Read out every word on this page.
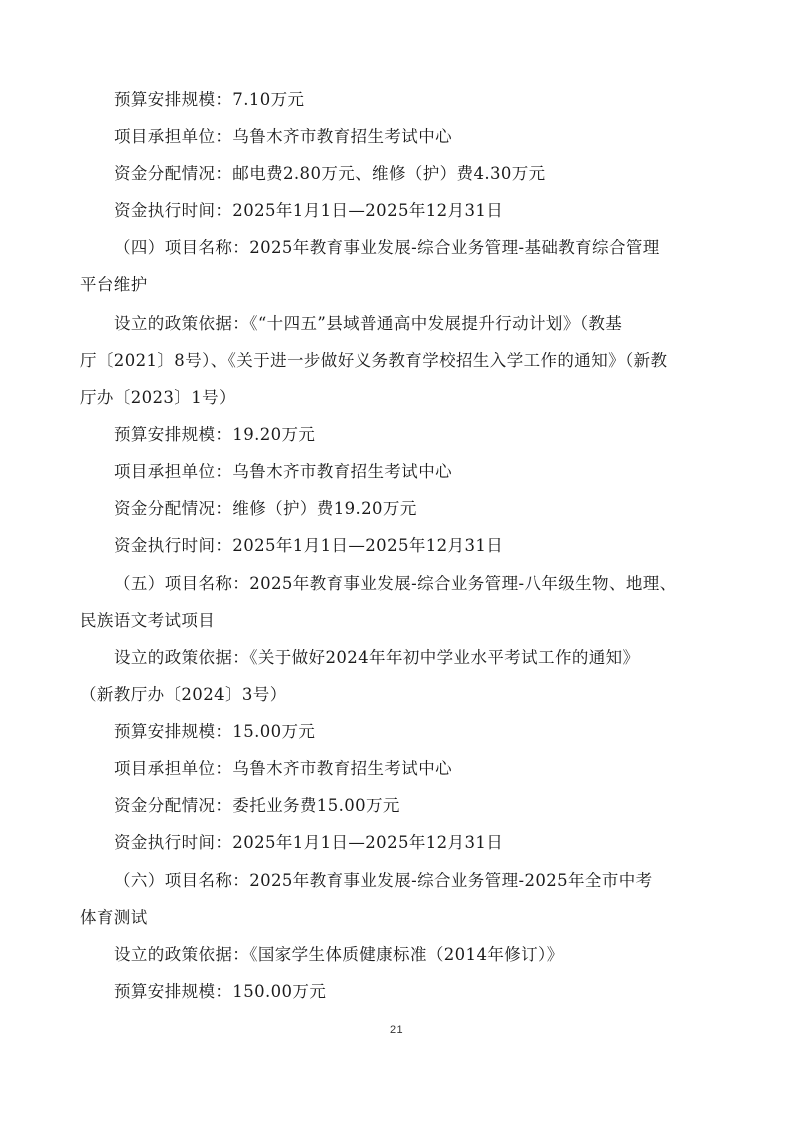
预算安排规模：7.10万元
项目承担单位：乌鲁木齐市教育招生考试中心
资金分配情况：邮电费2.80万元、维修（护）费4.30万元
资金执行时间：2025年1月1日—2025年12月31日
（四）项目名称：2025年教育事业发展-综合业务管理-基础教育综合管理
平台维护
设立的政策依据：《“十四五”县域普通高中发展提升行动计划》（教基
厅〔2021〕8号）、《关于进一步做好义务教育学校招生入学工作的通知》（新教
厅办〔2023〕1号）
预算安排规模：19.20万元
项目承担单位：乌鲁木齐市教育招生考试中心
资金分配情况：维修（护）费19.20万元
资金执行时间：2025年1月1日—2025年12月31日
（五）项目名称：2025年教育事业发展-综合业务管理-八年级生物、地理、
民族语文考试项目
设立的政策依据：《关于做好2024年年初中学业水平考试工作的通知》
（新教厅办〔2024〕3号）
预算安排规模：15.00万元
项目承担单位：乌鲁木齐市教育招生考试中心
资金分配情况：委托业务费15.00万元
资金执行时间：2025年1月1日—2025年12月31日
（六）项目名称：2025年教育事业发展-综合业务管理-2025年全市中考
体育测试
设立的政策依据：《国家学生体质健康标准（2014年修订）》
预算安排规模：150.00万元
21
